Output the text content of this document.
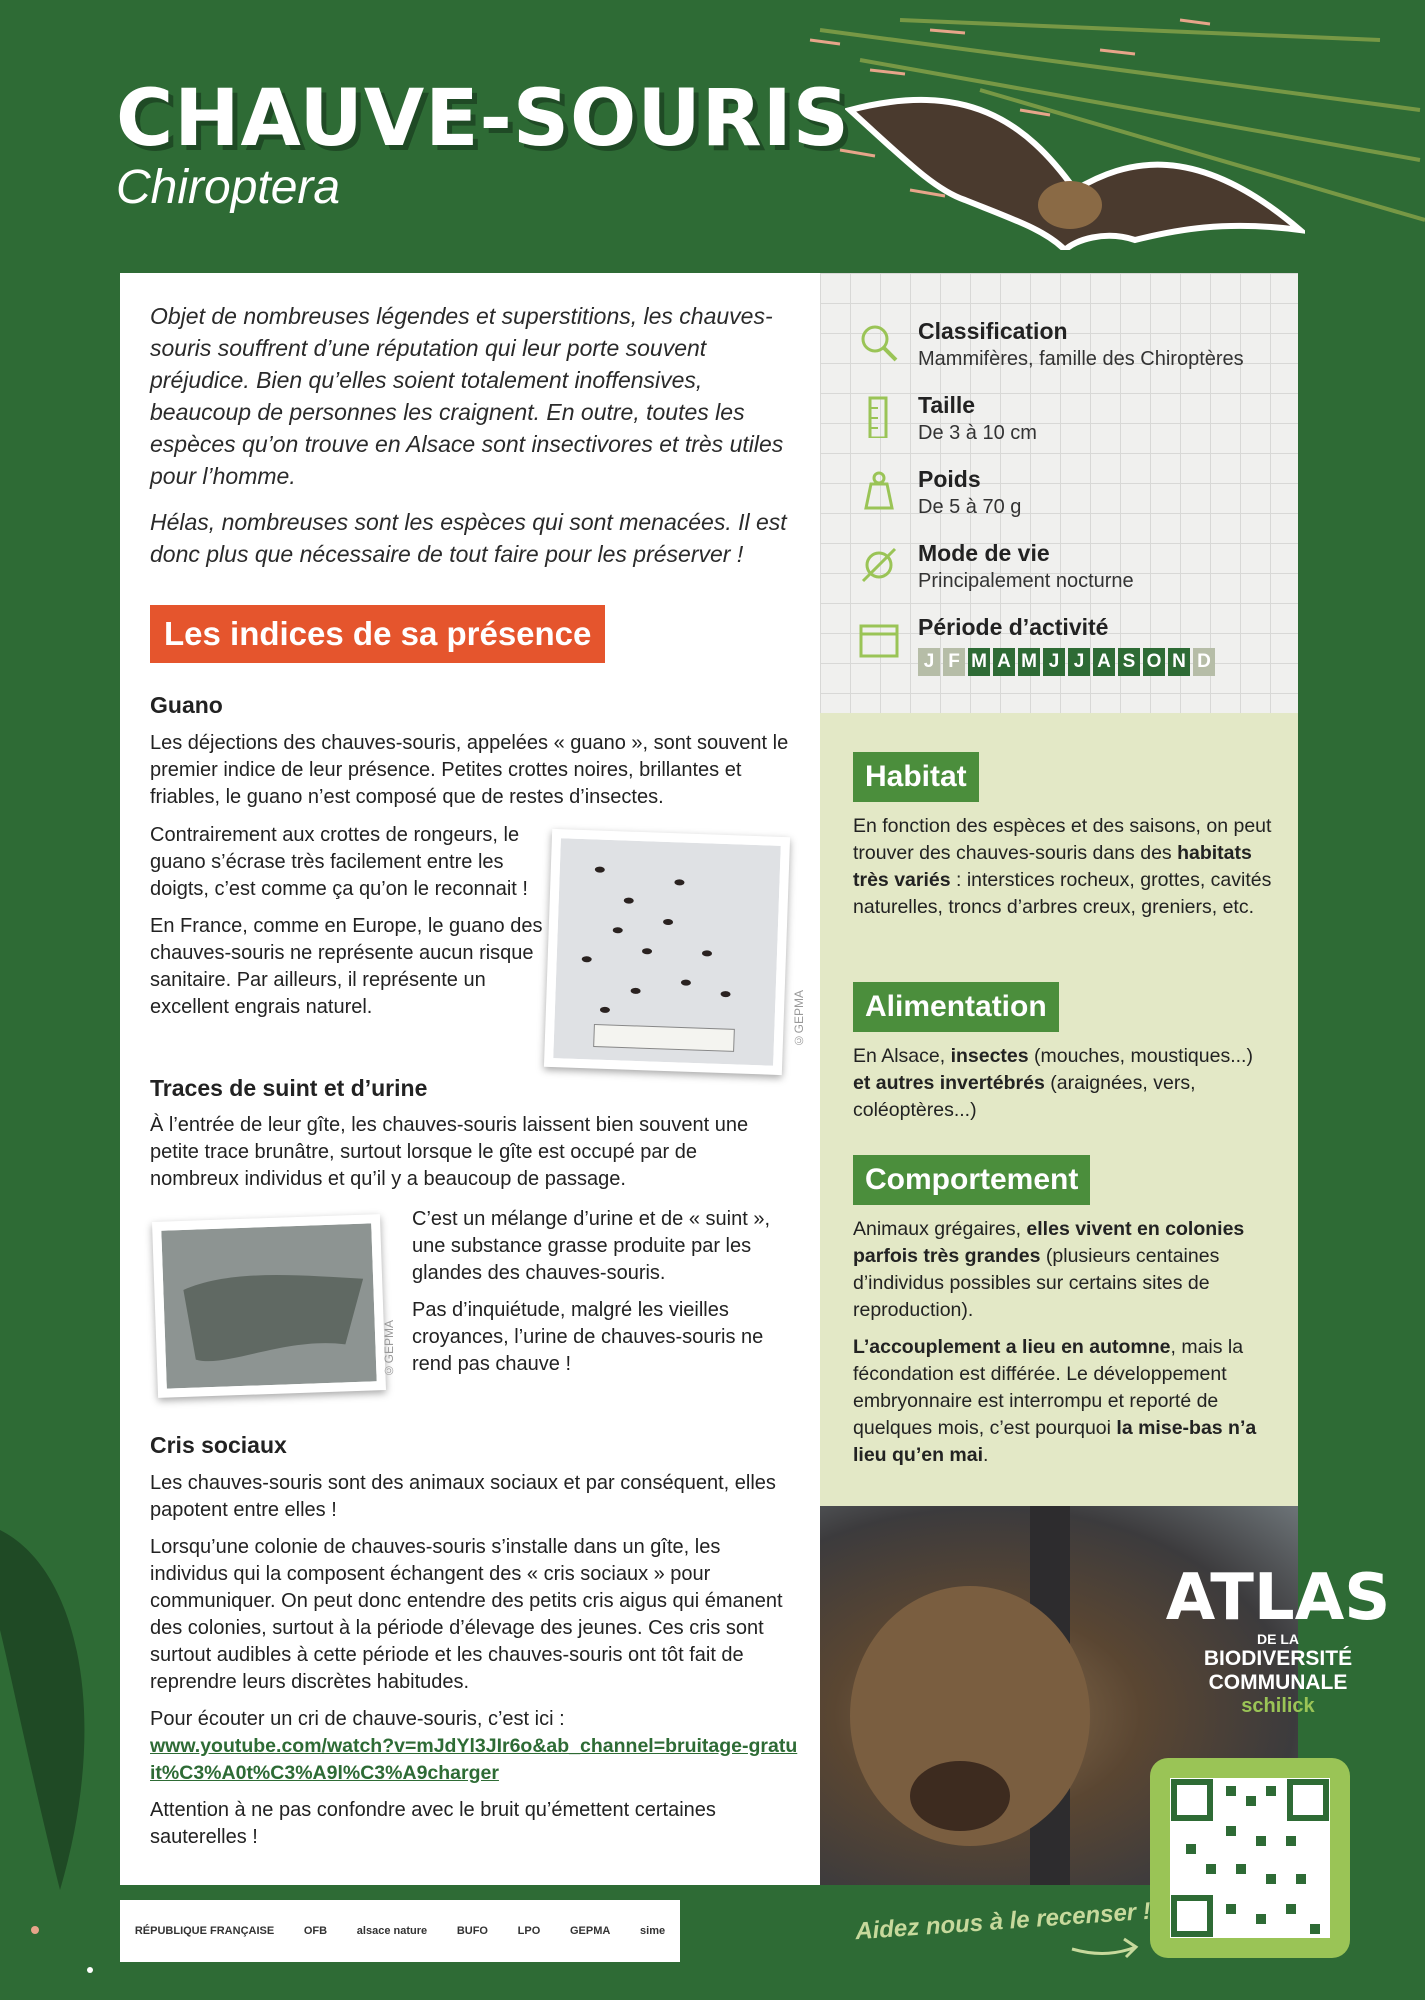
CHAUVE-SOURIS
Chiroptera

Objet de nombreuses légendes et superstitions, les chauves-souris souffrent d’une réputation qui leur porte souvent préjudice. Bien qu’elles soient totalement inoffensives, beaucoup de personnes les craignent. En outre, toutes les espèces qu’on trouve en Alsace sont insectivores et très utiles pour l’homme.

Hélas, nombreuses sont les espèces qui sont menacées. Il est donc plus que nécessaire de tout faire pour les préserver !

Les indices de sa présence
Guano

Les déjections des chauves-souris, appelées « guano », sont souvent le premier indice de leur présence. Petites crottes noires, brillantes et friables, le guano n’est composé que de restes d’insectes.

Contrairement aux crottes de rongeurs, le guano s’écrase très facilement entre les doigts, c’est comme ça qu’on le reconnait !

En France, comme en Europe, le guano des chauves-souris ne représente aucun risque sanitaire. Par ailleurs, il représente un excellent engrais naturel.	©GEPMA
Traces de suint et d’urine

À l’entrée de leur gîte, les chauves-souris laissent bien souvent une petite trace brunâtre, surtout lorsque le gîte est occupé par de nombreux individus et qu’il y a beaucoup de passage.

©GEPMA

C’est un mélange d’urine et de « suint », une substance grasse produite par les glandes des chauves-souris.

Pas d’inquiétude, malgré les vieilles croyances, l’urine de chauves-souris ne rend pas chauve !

Cris sociaux

Les chauves-souris sont des animaux sociaux et par conséquent, elles papotent entre elles !

Lorsqu’une colonie de chauves-souris s’installe dans un gîte, les individus qui la composent échangent des « cris sociaux » pour communiquer. On peut donc entendre des petits cris aigus qui émanent des colonies, surtout à la période d’élevage des jeunes. Ces cris sont surtout audibles à cette période et les chauves-souris ont tôt fait de reprendre leurs discrètes habitudes.

Pour écouter un cri de chauve-souris, c’est ici :

www.youtube.com/watch?v=mJdYl3JIr6o&ab_channel=bruitage-gratuit%C3%A0t%C3%A9l%C3%A9charger

Attention à ne pas confondre avec le bruit qu’émettent certaines sauterelles !

Classification
Mammifères, famille des Chiroptères
Taille
De 3 à 10 cm
Poids
De 5 à 70 g
Mode de vie
Principalement nocturne
Période d’activité
J F M A M J J A S O N D
Habitat

En fonction des espèces et des saisons, on peut trouver des chauves-souris dans des habitats très variés : interstices rocheux, grottes, cavités naturelles, troncs d’arbres creux, greniers, etc.

Alimentation

En Alsace, insectes (mouches, moustiques...) et autres invertébrés (araignées, vers, coléoptères...)

Comportement

Animaux grégaires, elles vivent en colonies parfois très grandes (plusieurs centaines d’individus possibles sur certains sites de reproduction).

L’accouplement a lieu en automne, mais la fécondation est différée. Le développement embryonnaire est interrompu et reporté de quelques mois, c’est pourquoi la mise-bas n’a lieu qu’en mai.

ATLAS
DE LA
BIODIVERSITÉ
COMMUNALE
schilick
Aidez nous à le recenser !
RÉPUBLIQUE FRANÇAISE	OFB	alsace nature	BUFO	LPO	GEPMA	sime
